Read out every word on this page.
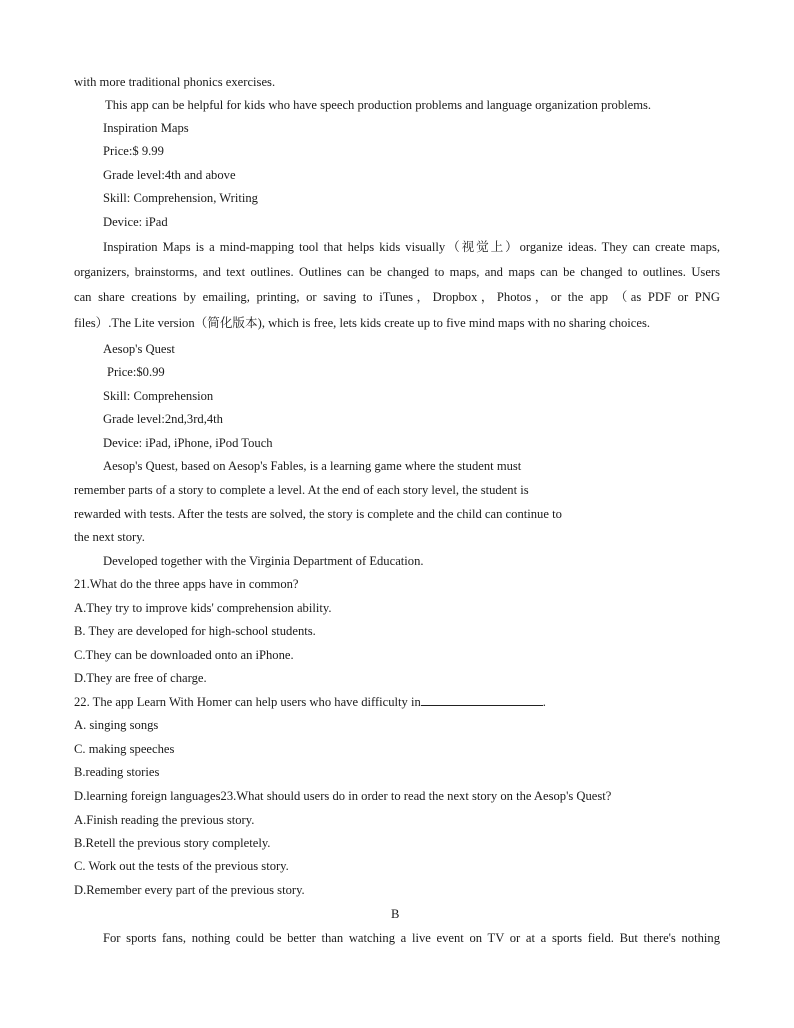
with more traditional phonics exercises.
This app can be helpful for kids who have speech production problems and language organization problems.
Inspiration Maps
Price:$ 9.99
Grade level:4th and above
Skill: Comprehension, Writing
Device: iPad
Inspiration Maps is a mind-mapping tool that helps kids visually（视觉上）organize ideas. They can create maps,
organizers, brainstorms, and text outlines. Outlines can be changed to maps, and maps can be changed to outlines. Users
can share creations by emailing, printing, or saving to iTunes，Dropbox，Photos，or the app （as PDF or PNG
files）.The Lite version（简化版本), which is free, lets kids create up to five mind maps with no sharing choices.
Aesop's Quest
Price:$0.99
Skill: Comprehension
Grade level:2nd,3rd,4th
Device: iPad, iPhone, iPod Touch
Aesop's Quest, based on Aesop's Fables, is a learning game where the student must
remember parts of a story to complete a level. At the end of each story level, the student is
rewarded with tests. After the tests are solved, the story is complete and the child can continue to
the next story.
Developed together with the Virginia Department of Education.
21.What do the three apps have in common?
A.They try to improve kids' comprehension ability.
B. They are developed for high-school students.
C.They can be downloaded onto an iPhone.
D.They are free of charge.
22. The app Learn With Homer can help users who have difficulty in	.
A. singing songs
C. making speeches
B.reading stories
D.learning foreign languages23.What should users do in order to read the next story on the Aesop's Quest?
A.Finish reading the previous story.
B.Retell the previous story completely.
C. Work out the tests of the previous story.
D.Remember every part of the previous story.
B
For sports fans, nothing could be better than watching a live event on TV or at a sports field. But there's nothing
